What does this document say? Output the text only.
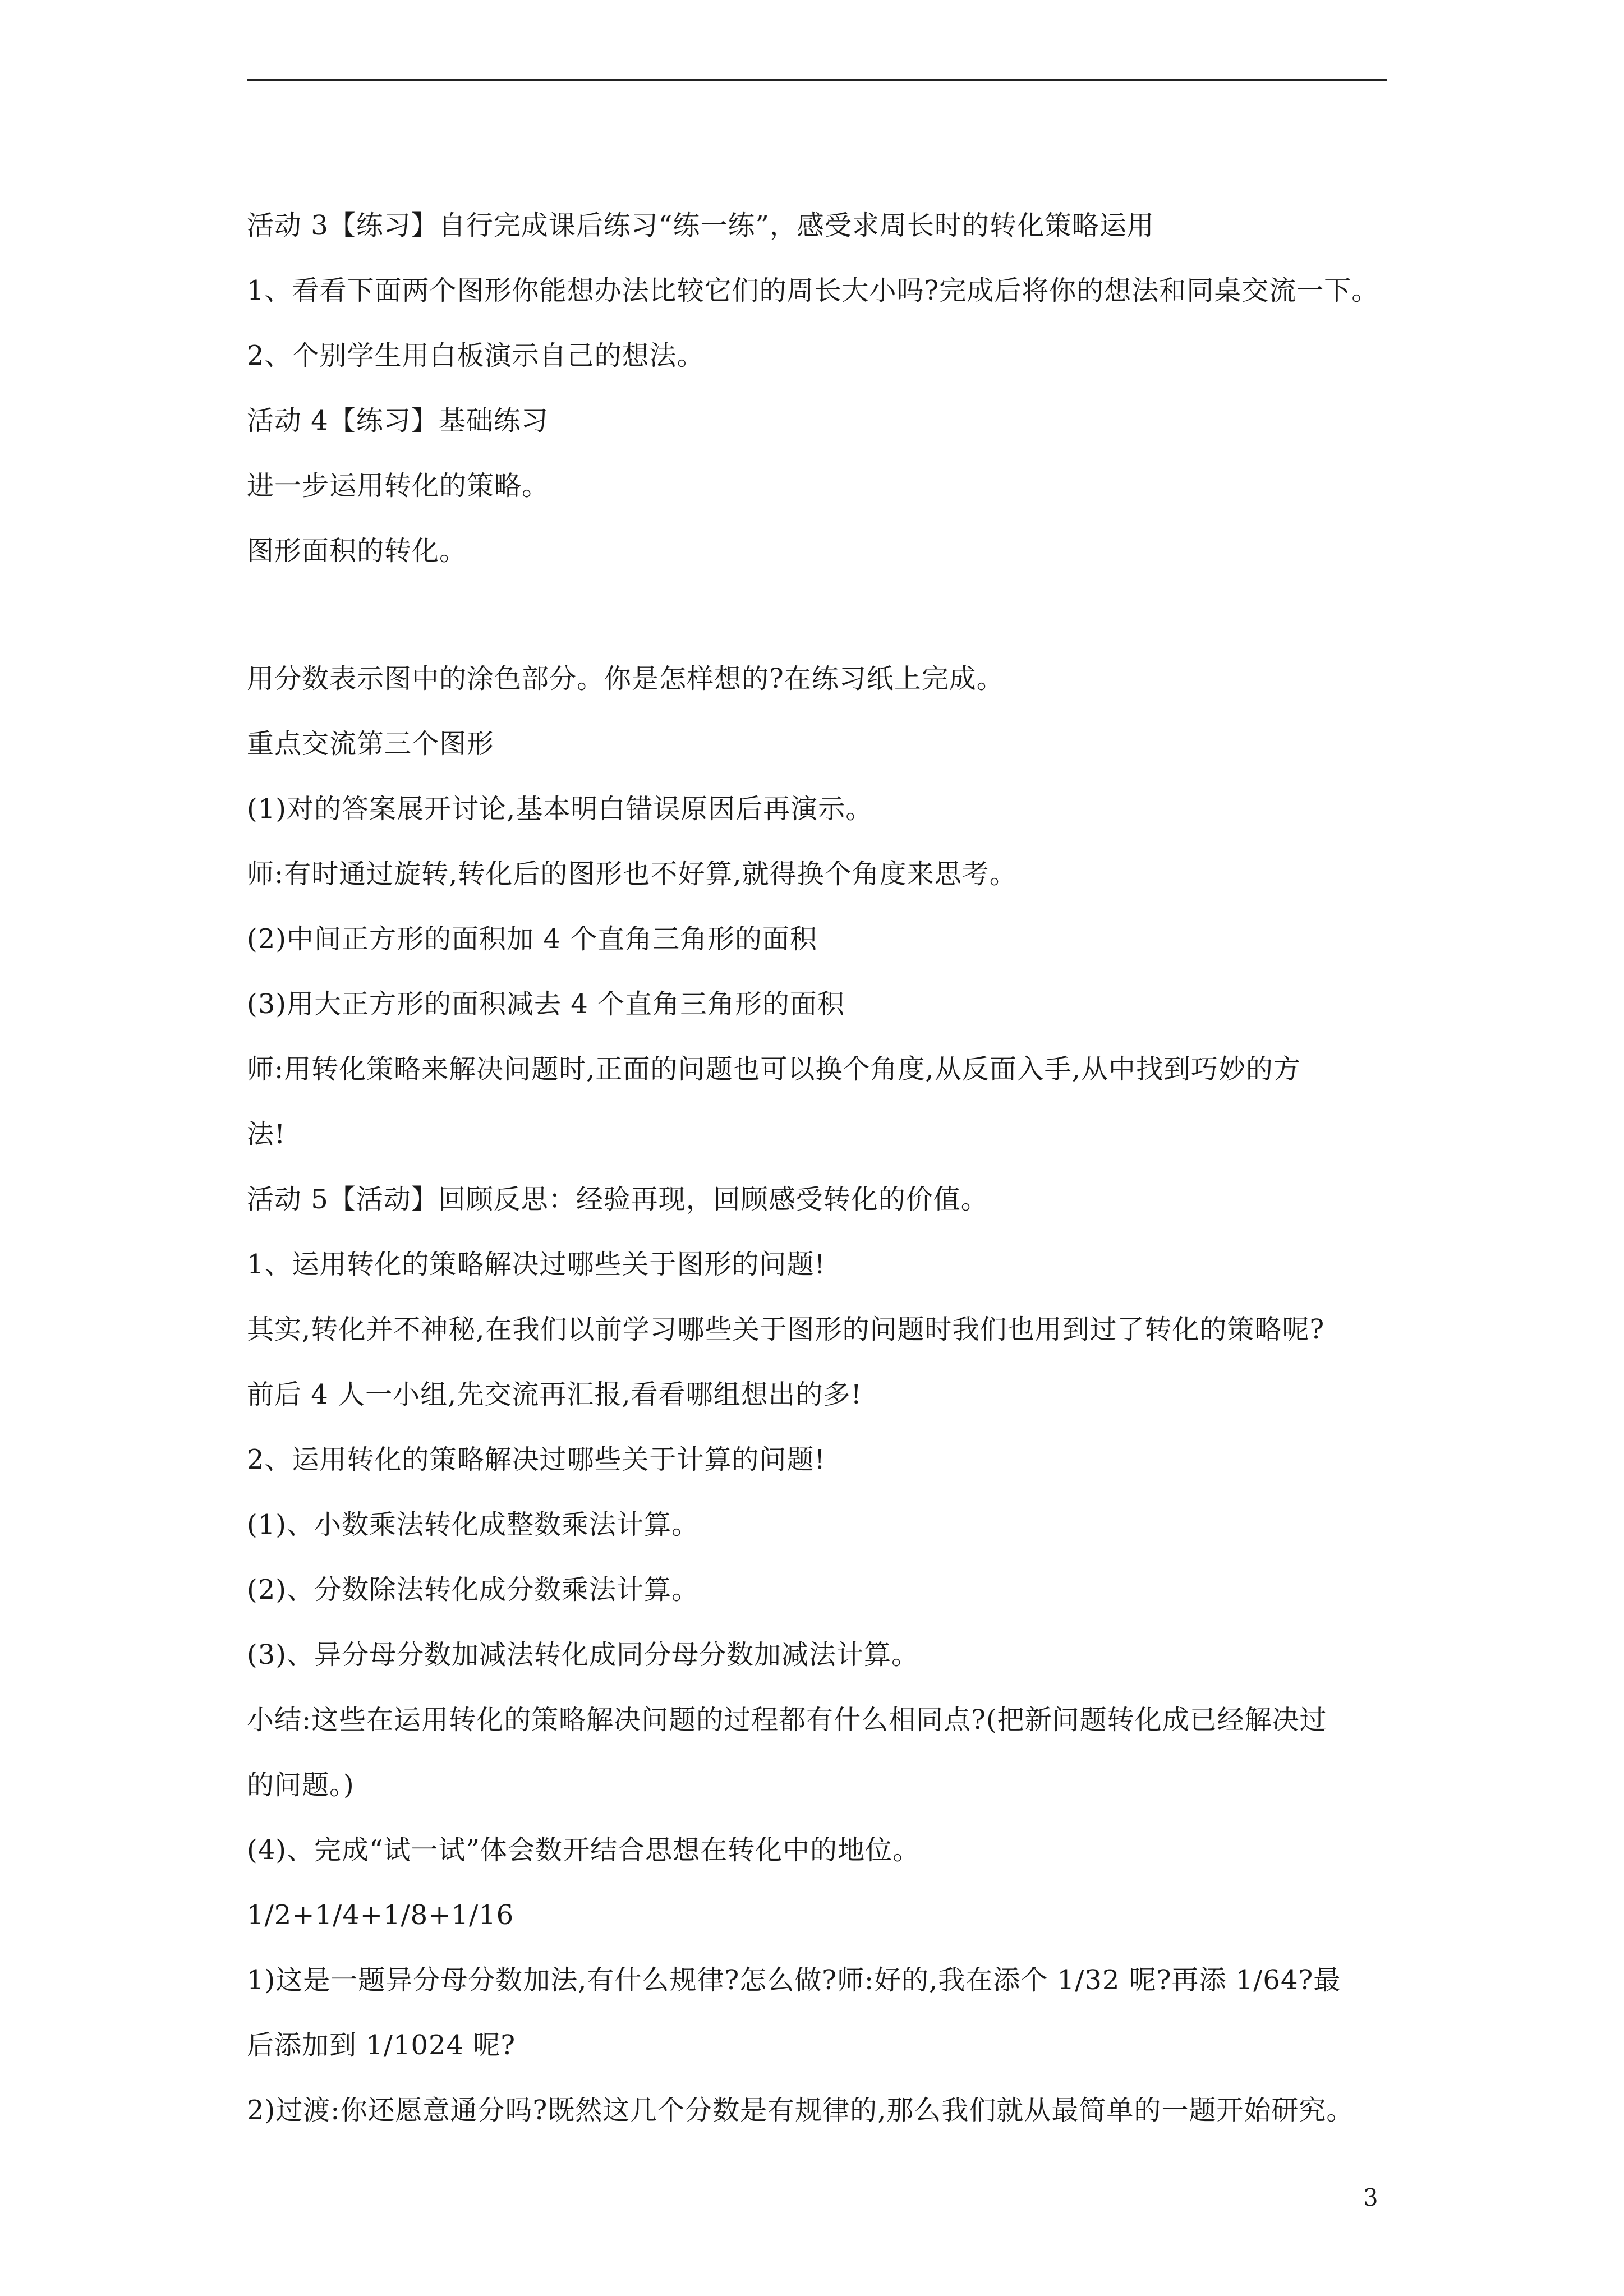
活动 3【练习】自行完成课后练习“练一练”，感受求周长时的转化策略运用
1、看看下面两个图形你能想办法比较它们的周长大小吗?完成后将你的想法和同桌交流一下。
2、个别学生用白板演示自己的想法。
活动 4【练习】基础练习
进一步运用转化的策略。
图形面积的转化。
用分数表示图中的涂色部分。你是怎样想的?在练习纸上完成。
重点交流第三个图形
(1)对的答案展开讨论,基本明白错误原因后再演示。
师:有时通过旋转,转化后的图形也不好算,就得换个角度来思考。
(2)中间正方形的面积加 4 个直角三角形的面积
(3)用大正方形的面积减去 4 个直角三角形的面积
师:用转化策略来解决问题时,正面的问题也可以换个角度,从反面入手,从中找到巧妙的方
法!
活动 5【活动】回顾反思：经验再现，回顾感受转化的价值。
1、运用转化的策略解决过哪些关于图形的问题!
其实,转化并不神秘,在我们以前学习哪些关于图形的问题时我们也用到过了转化的策略呢?
前后 4 人一小组,先交流再汇报,看看哪组想出的多!
2、运用转化的策略解决过哪些关于计算的问题!
(1)、小数乘法转化成整数乘法计算。
(2)、分数除法转化成分数乘法计算。
(3)、异分母分数加减法转化成同分母分数加减法计算。
小结:这些在运用转化的策略解决问题的过程都有什么相同点?(把新问题转化成已经解决过
的问题。)
(4)、完成“试一试”体会数开结合思想在转化中的地位。
1/2+1/4+1/8+1/16
1)这是一题异分母分数加法,有什么规律?怎么做?师:好的,我在添个 1/32 呢?再添 1/64?最
后添加到 1/1024 呢?
2)过渡:你还愿意通分吗?既然这几个分数是有规律的,那么我们就从最简单的一题开始研究。
3
